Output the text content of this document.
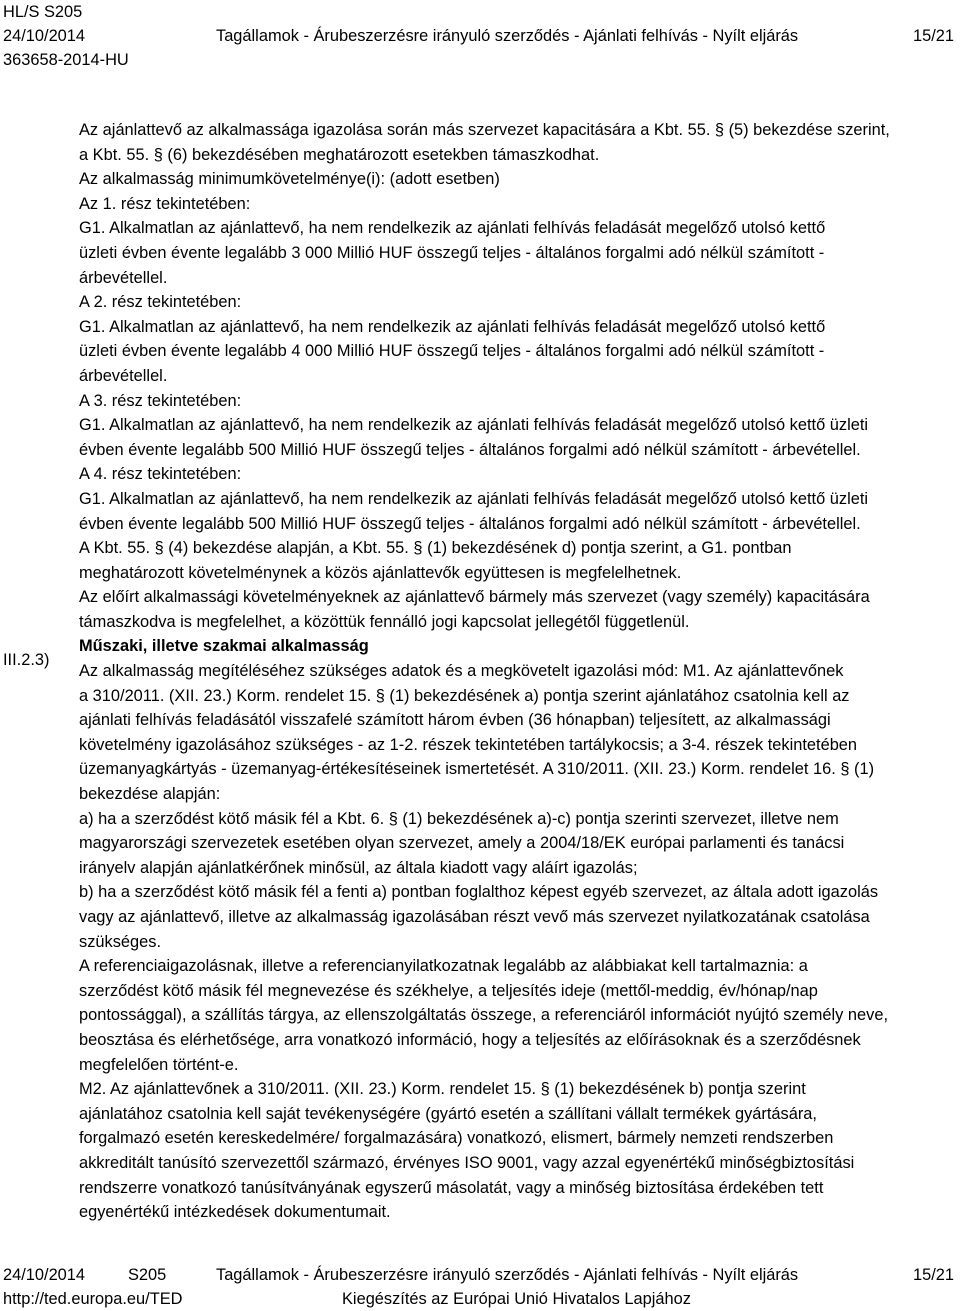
HL/S S205
24/10/2014	Tagállamok - Árubeszerzésre irányuló szerződés - Ajánlati felhívás - Nyílt eljárás	15/21
363658-2014-HU
III.2.3)

Az ajánlattevő az alkalmassága igazolása során más szervezet kapacitására a Kbt. 55. § (5) bekezdése szerint,

a Kbt. 55. § (6) bekezdésében meghatározott esetekben támaszkodhat.

Az alkalmasság minimumkövetelménye(i): (adott esetben)

Az 1. rész tekintetében:

G1. Alkalmatlan az ajánlattevő, ha nem rendelkezik az ajánlati felhívás feladását megelőző utolsó kettő

üzleti évben évente legalább 3 000 Millió HUF összegű teljes - általános forgalmi adó nélkül számított -

árbevétellel.

A 2. rész tekintetében:

G1. Alkalmatlan az ajánlattevő, ha nem rendelkezik az ajánlati felhívás feladását megelőző utolsó kettő

üzleti évben évente legalább 4 000 Millió HUF összegű teljes - általános forgalmi adó nélkül számított -

árbevétellel.

A 3. rész tekintetében:

G1. Alkalmatlan az ajánlattevő, ha nem rendelkezik az ajánlati felhívás feladását megelőző utolsó kettő üzleti

évben évente legalább 500 Millió HUF összegű teljes - általános forgalmi adó nélkül számított - árbevétellel.

A 4. rész tekintetében:

G1. Alkalmatlan az ajánlattevő, ha nem rendelkezik az ajánlati felhívás feladását megelőző utolsó kettő üzleti

évben évente legalább 500 Millió HUF összegű teljes - általános forgalmi adó nélkül számított - árbevétellel.

A Kbt. 55. § (4) bekezdése alapján, a Kbt. 55. § (1) bekezdésének d) pontja szerint, a G1. pontban

meghatározott követelménynek a közös ajánlattevők együttesen is megfelelhetnek.

Az előírt alkalmassági követelményeknek az ajánlattevő bármely más szervezet (vagy személy) kapacitására

támaszkodva is megfelelhet, a közöttük fennálló jogi kapcsolat jellegétől függetlenül.

Műszaki, illetve szakmai alkalmasság

Az alkalmasság megítéléséhez szükséges adatok és a megkövetelt igazolási mód: M1. Az ajánlattevőnek

a 310/2011. (XII. 23.) Korm. rendelet 15. § (1) bekezdésének a) pontja szerint ajánlatához csatolnia kell az

ajánlati felhívás feladásától visszafelé számított három évben (36 hónapban) teljesített, az alkalmassági

követelmény igazolásához szükséges - az 1-2. részek tekintetében tartálykocsis; a 3-4. részek tekintetében

üzemanyagkártyás - üzemanyag-értékesítéseinek ismertetését. A 310/2011. (XII. 23.) Korm. rendelet 16. § (1)

bekezdése alapján:

a) ha a szerződést kötő másik fél a Kbt. 6. § (1) bekezdésének a)-c) pontja szerinti szervezet, illetve nem

magyarországi szervezetek esetében olyan szervezet, amely a 2004/18/EK európai parlamenti és tanácsi

irányelv alapján ajánlatkérőnek minősül, az általa kiadott vagy aláírt igazolás;

b) ha a szerződést kötő másik fél a fenti a) pontban foglalthoz képest egyéb szervezet, az általa adott igazolás

vagy az ajánlattevő, illetve az alkalmasság igazolásában részt vevő más szervezet nyilatkozatának csatolása

szükséges.

A referenciaigazolásnak, illetve a referencianyilatkozatnak legalább az alábbiakat kell tartalmaznia: a

szerződést kötő másik fél megnevezése és székhelye, a teljesítés ideje (mettől-meddig, év/hónap/nap

pontossággal), a szállítás tárgya, az ellenszolgáltatás összege, a referenciáról információt nyújtó személy neve,

beosztása és elérhetősége, arra vonatkozó információ, hogy a teljesítés az előírásoknak és a szerződésnek

megfelelően történt-e.

M2. Az ajánlattevőnek a 310/2011. (XII. 23.) Korm. rendelet 15. § (1) bekezdésének b) pontja szerint

ajánlatához csatolnia kell saját tevékenységére (gyártó esetén a szállítani vállalt termékek gyártására,

forgalmazó esetén kereskedelmére/ forgalmazására) vonatkozó, elismert, bármely nemzeti rendszerben

akkreditált tanúsító szervezettől származó, érvényes ISO 9001, vagy azzal egyenértékű minőségbiztosítási

rendszerre vonatkozó tanúsítványának egyszerű másolatát, vagy a minőség biztosítása érdekében tett

egyenértékű intézkedések dokumentumait.

24/10/2014	S205	Tagállamok - Árubeszerzésre irányuló szerződés - Ajánlati felhívás - Nyílt eljárás	15/21
http://ted.europa.eu/TED	Kiegészítés az Európai Unió Hivatalos Lapjához
